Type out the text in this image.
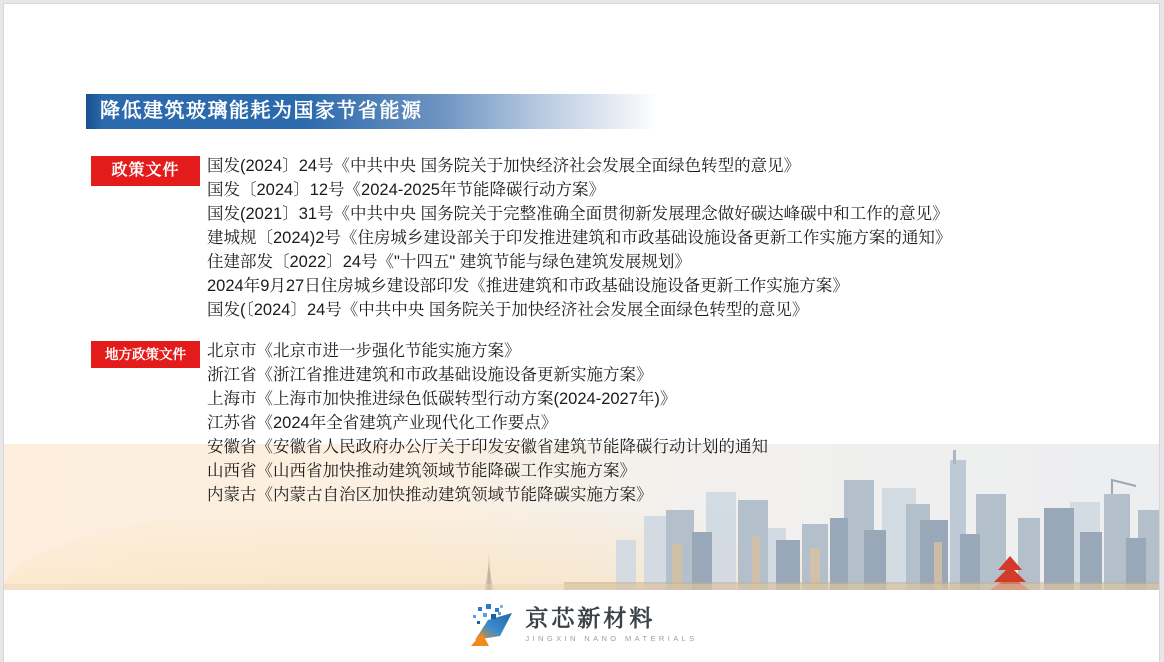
降低建筑玻璃能耗为国家节省能源
政策文件	国发(2024〕24号《中共中央 国务院关于加快经济社会发展全面绿色转型的意见》
国发〔2024〕12号《2024-2025年节能降碳行动方案》
国发(2021〕31号《中共中央 国务院关于完整准确全面贯彻新发展理念做好碳达峰碳中和工作的意见》
建城规〔2024)2号《住房城乡建设部关于印发推进建筑和市政基础设施设备更新工作实施方案的通知》
住建部发〔2022〕24号《"十四五" 建筑节能与绿色建筑发展规划》
2024年9月27日住房城乡建设部印发《推进建筑和市政基础设施设备更新工作实施方案》
国发(〔2024〕24号《中共中央 国务院关于加快经济社会发展全面绿色转型的意见》
地方政策文件	北京市《北京市进一步强化节能实施方案》
浙江省《浙江省推进建筑和市政基础设施设备更新实施方案》
上海市《上海市加快推进绿色低碳转型行动方案(2024-2027年)》
江苏省《2024年全省建筑产业现代化工作要点》
安徽省《安徽省人民政府办公厅关于印发安徽省建筑节能降碳行动计划的通知
山西省《山西省加快推动建筑领域节能降碳工作实施方案》
内蒙古《内蒙古自治区加快推动建筑领域节能降碳实施方案》
京芯新材料
JINGXIN NANO MATERIALS
